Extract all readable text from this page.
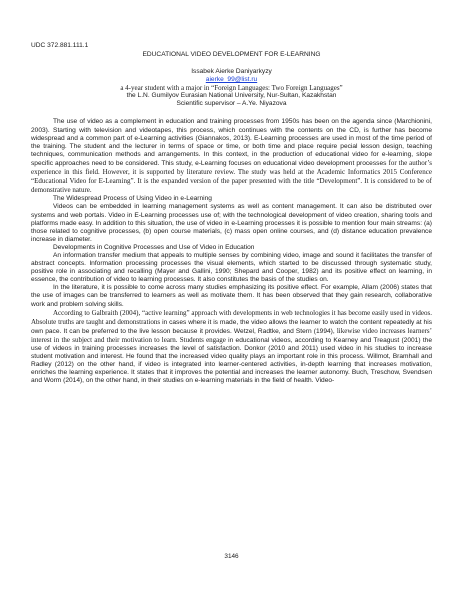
UDC 372.881.111.1
EDUCATIONAL VIDEO DEVELOPMENT FOR E-LEARNING
Issabek Aierke Daniyarkyzy
aierke_99@list.ru
a 4-year student with a major in “Foreign Languages: Two Foreign Languages”
the L.N. Gumilyov Eurasian National University, Nur-Sultan, Kazakhstan
Scientific supervisor – A.Ye. Niyazova

The use of video as a complement in education and training processes from 1950s has been on the agenda since (Marchionini, 2003). Starting with television and videotapes, this process, which continues with the contents on the CD, is further has become widespread and a common part of e-Learning activities (Giannakos, 2013). E-Learning processes are used in most of the time period of the training. The student and the lecturer in terms of space or time, or both time and place require pecial lesson design, teaching techniques, communication methods and arrangements. In this context, in the production of educational video for e-learning, slope specific approaches need to be considered. This study, e-Learning focuses on educational video development processes for the author’s experience in this field. However, it is supported by literature review. The study was held at the Academic Informatics 2015 Conference “Educational Video for E-Learning”. It is the expanded version of the paper presented with the title “Development”. It is considered to be of demonstrative nature.

The Widespread Process of Using Video in e-Learning

Videos can be embedded in learning management systems as well as content management. It can also be distributed over systems and web portals. Video in E-Learning processes use of; with the technological development of video creation, sharing tools and platforms made easy. In addition to this situation, the use of video in e-Learning processes it is possible to mention four main streams: (a) those related to cognitive processes, (b) open course materials, (c) mass open online courses, and (d) distance education prevalence increase in diameter.

Developments in Cognitive Processes and Use of Video in Education

An information transfer medium that appeals to multiple senses by combining video, image and sound it facilitates the transfer of abstract concepts. Information processing processes the visual elements, which started to be discussed through systematic study, positive role in associating and recalling (Mayer and Gallini, 1990; Shepard and Cooper, 1982) and its positive effect on learning, in essence, the contribution of video to learning processes. It also constitutes the basis of the studies on.

In the literature, it is possible to come across many studies emphasizing its positive effect. For example, Allam (2006) states that the use of images can be transferred to learners as well as motivate them. It has been observed that they gain research, collaborative work and problem solving skills.

According to Galbraith (2004), “active learning” approach with developments in web technologies it has become easily used in videos. Absolute truths are taught and demonstrations in cases where it is made, the video allows the learner to watch the content repeatedly at his own pace. It can be preferred to the live lesson because it provides. Wetzel, Radtke, and Stern (1994), likewise video increases learners’ interest in the subject and their motivation to learn. Students engage in educational videos, according to Kearney and Treagust (2001) the use of videos in training processes increases the level of satisfaction. Donkor (2010 and 2011) used video in his studies to increase student motivation and interest. He found that the increased video quality plays an important role in this process. Willmot, Bramhall and Radley (2012) on the other hand, if video is integrated into learner-centered activities, in-depth learning that increases motivation, enriches the learning experience. It states that it improves the potential and increases the learner autonomy. Buch, Treschow, Svendsen and Worm (2014), on the other hand, in their studies on e-learning materials in the field of health. Video-

3146
